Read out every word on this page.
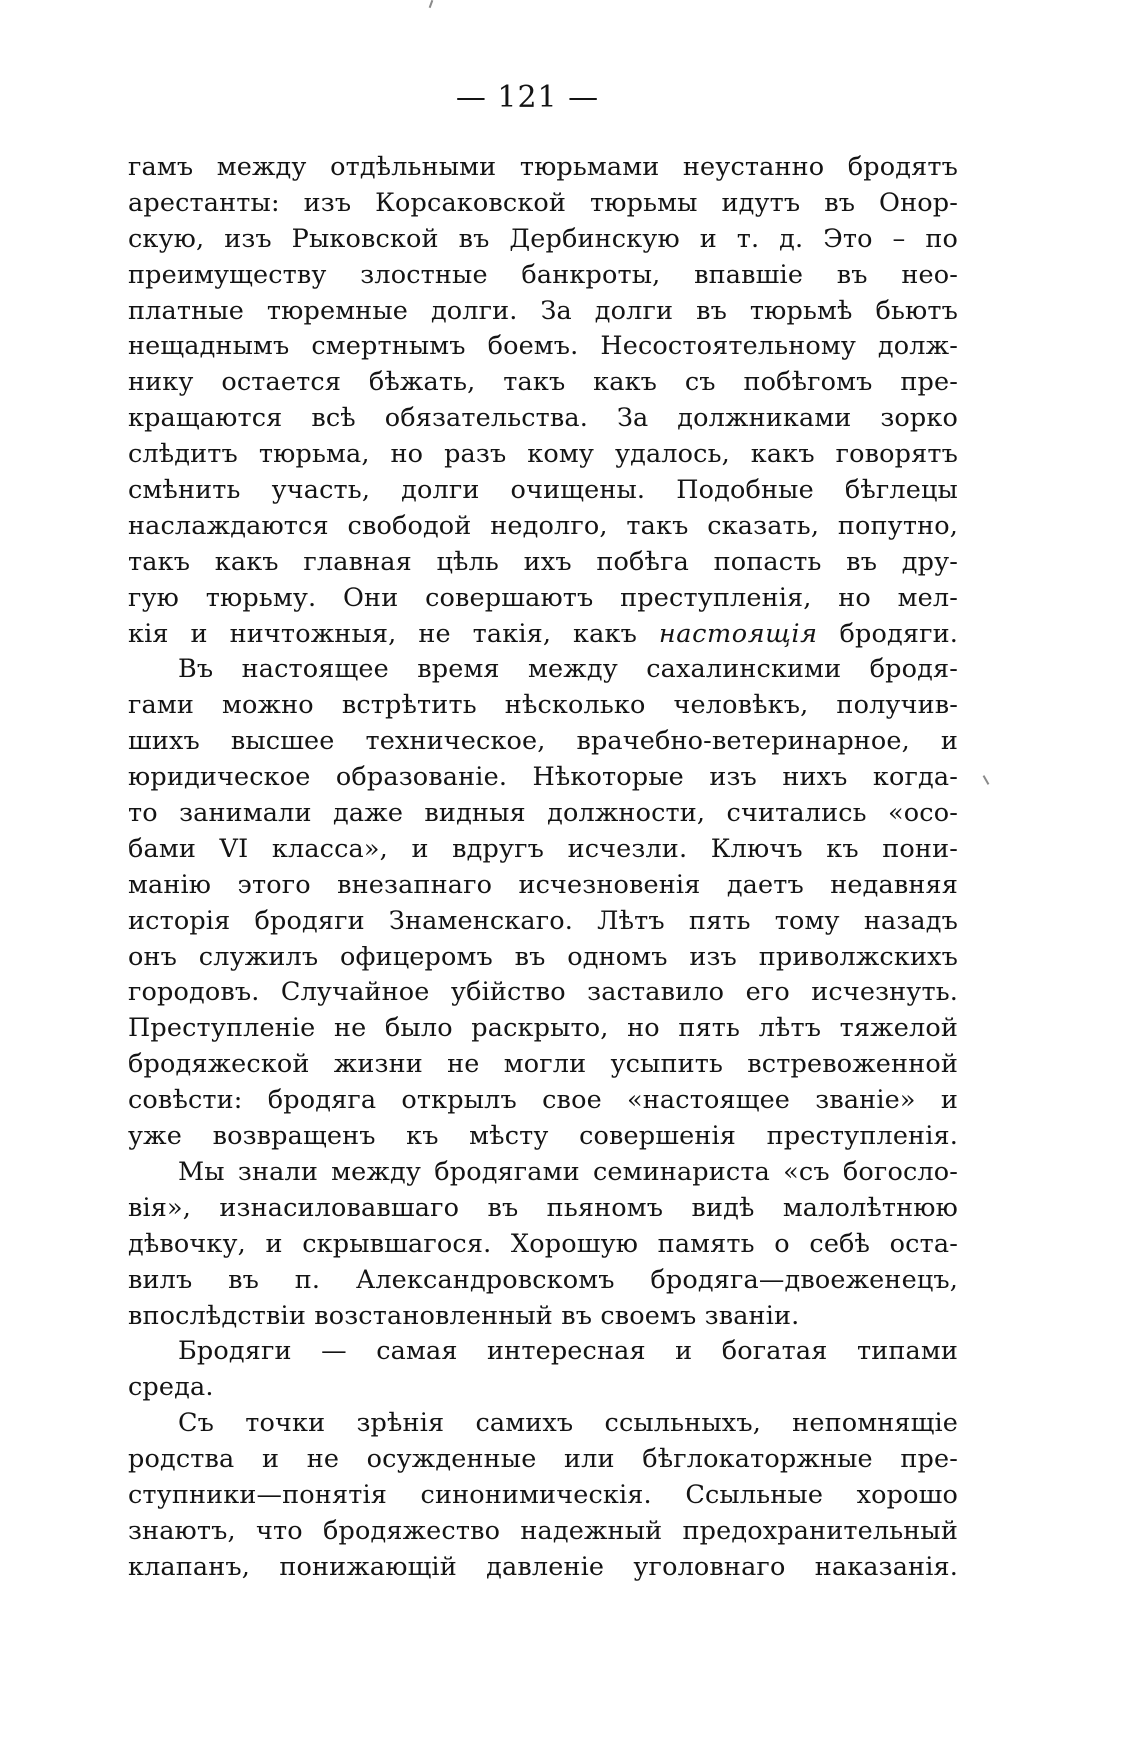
— 121 —
гамъ между отдѣльными тюрьмами неустанно бродятъ
арестанты: изъ Корсаковской тюрьмы идутъ въ Онор-
скую, изъ Рыковской въ Дербинскую и т. д. Это – по
преимуществу злостные банкроты, впавшіе въ нео-
платные тюремные долги. За долги въ тюрьмѣ бьютъ
нещаднымъ смертнымъ боемъ. Несостоятельному долж-
нику остается бѣжать, такъ какъ съ побѣгомъ пре-
кращаются всѣ обязательства. За должниками зорко
слѣдитъ тюрьма, но разъ кому удалось, какъ говорятъ
смѣнить участь, долги очищены. Подобные бѣглецы
наслаждаются свободой недолго, такъ сказать, попутно,
такъ какъ главная цѣль ихъ побѣга попасть въ дру-
гую тюрьму. Они совершаютъ преступленія, но мел-
кія и ничтожныя, не такія, какъ настоящія бродяги.
Въ настоящее время между сахалинскими бродя-
гами можно встрѣтить нѣсколько человѣкъ, получив-
шихъ высшее техническое, врачебно-ветеринарное, и
юридическое образованіе. Нѣкоторые изъ нихъ когда-
то занимали даже видныя должности, считались «осо-
бами VI класса», и вдругъ исчезли. Ключъ къ пони-
манію этого внезапнаго исчезновенія даетъ недавняя
исторія бродяги Знаменскаго. Лѣтъ пять тому назадъ
онъ служилъ офицеромъ въ одномъ изъ приволжскихъ
городовъ. Случайное убійство заставило его исчезнуть.
Преступленіе не было раскрыто, но пять лѣтъ тяжелой
бродяжеской жизни не могли усыпить встревоженной
совѣсти: бродяга открылъ свое «настоящее званіе» и
уже возвращенъ къ мѣсту совершенія преступленія.
Мы знали между бродягами семинариста «съ богосло-
вія», изнасиловавшаго въ пьяномъ видѣ малолѣтнюю
дѣвочку, и скрывшагося. Хорошую память о себѣ оста-
вилъ въ п. Александровскомъ бродяга—двоеженецъ,
впослѣдствіи возстановленный въ своемъ званіи.
Бродяги — самая интересная и богатая типами
среда.
Съ точки зрѣнія самихъ ссыльныхъ, непомнящіе
родства и не осужденные или бѣглокаторжные пре-
ступники—понятія синонимическія. Ссыльные хорошо
знаютъ, что бродяжество надежный предохранительный
клапанъ, понижающій давленіе уголовнаго наказанія.
